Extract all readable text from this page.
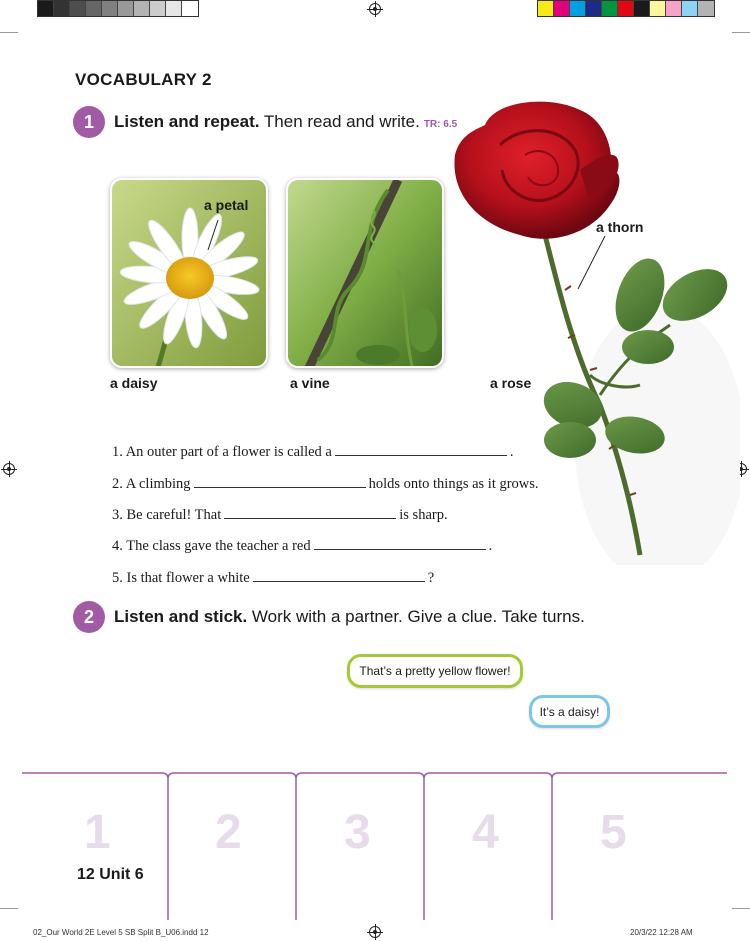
VOCABULARY 2
1	Listen and repeat. Then read and write. TR: 6.5
a petal
a daisy	a vine	a rose
a thorn
1. An outer part of a flower is called a	.
2. A climbing	holds onto things as it grows.
3. Be careful! That	is sharp.
4. The class gave the teacher a red	.
5. Is that flower a white	?
2	Listen and stick. Work with a partner. Give a clue. Take turns.
That’s a pretty yellow flower!
It’s a daisy!
1 2 3 4 5
12 Unit 6
02_Our World 2E Level 5 SB Split B_U06.indd 12	20/3/22 12:28 AM
